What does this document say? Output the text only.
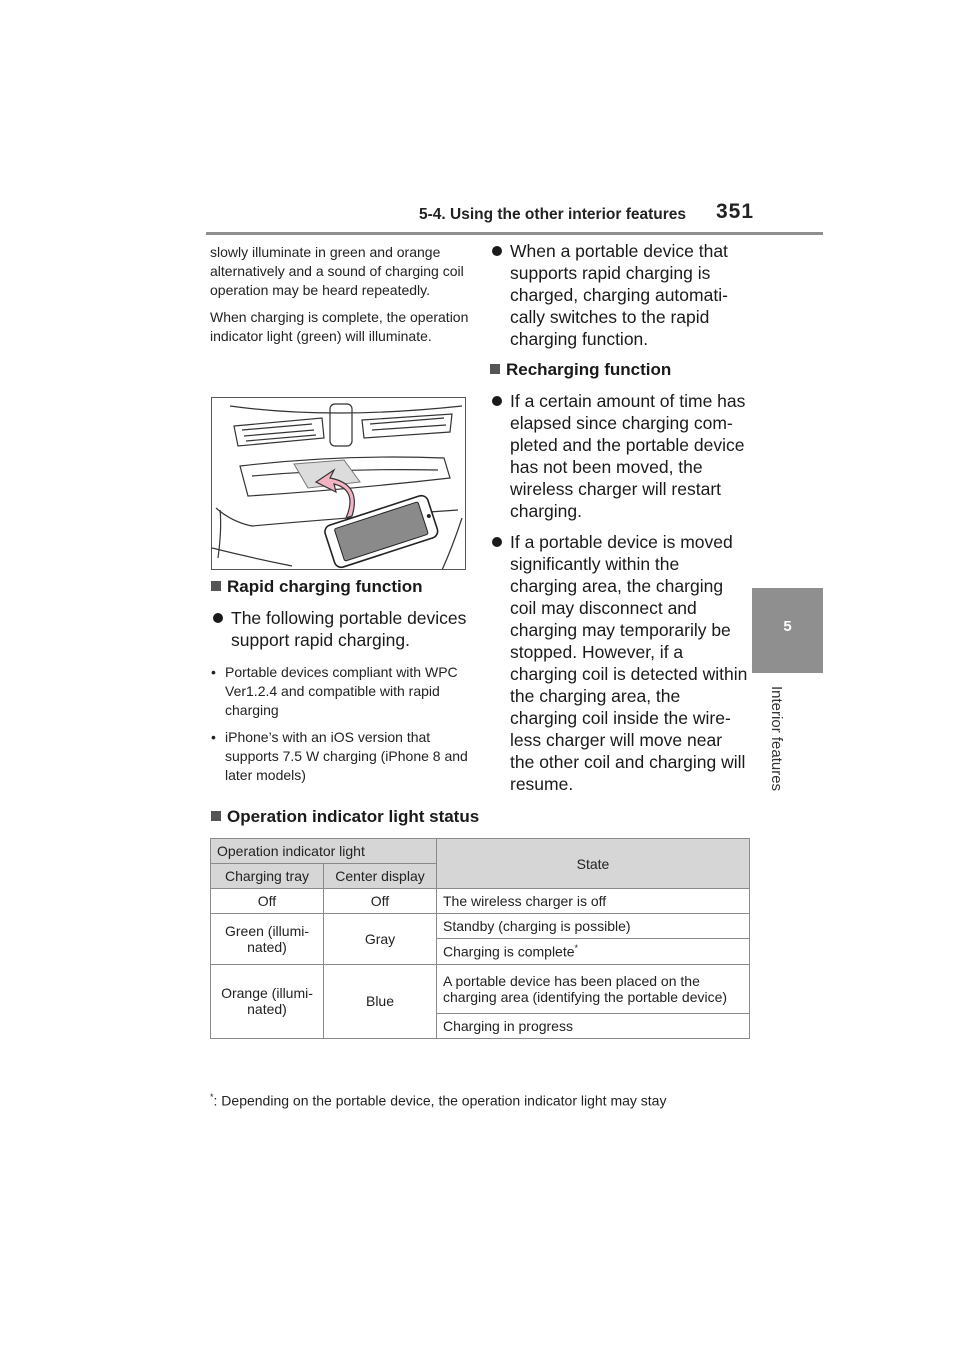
5-4. Using the other interior features 351
5
Interior features

slowly illuminate in green and orange alternatively and a sound of charging coil operation may be heard repeatedly.

When charging is complete, the operation indicator light (green) will illuminate.

Rapid charging function

The following portable devices support rapid charging.
• Portable devices compliant with WPC Ver1.2.4 and compatible with rapid charging
• iPhone’s with an iOS version that supports 7.5 W charging (iPhone 8 and later models)
When a portable device that supports rapid charging is charged, charging automati-cally switches to the rapid charging function.

Recharging function

If a certain amount of time has elapsed since charging com-pleted and the portable device has not been moved, the wireless charger will restart charging.
If a portable device is moved significantly within the charging area, the charging coil may disconnect and charging may temporarily be stopped. However, if a charging coil is detected within the charging area, the charging coil inside the wire-less charger will move near the other coil and charging will resume.

Operation indicator light status

Operation indicator light		State
Charging tray	Center display	
Off	Off	The wireless charger is off
Green (illumi-nated)	Gray	Standby (charging is possible)
		Charging is complete*
Orange (illumi-nated)	Blue	A portable device has been placed on the charging area (identifying the portable device)
		Charging in progress
*: Depending on the portable device, the operation indicator light may stay
